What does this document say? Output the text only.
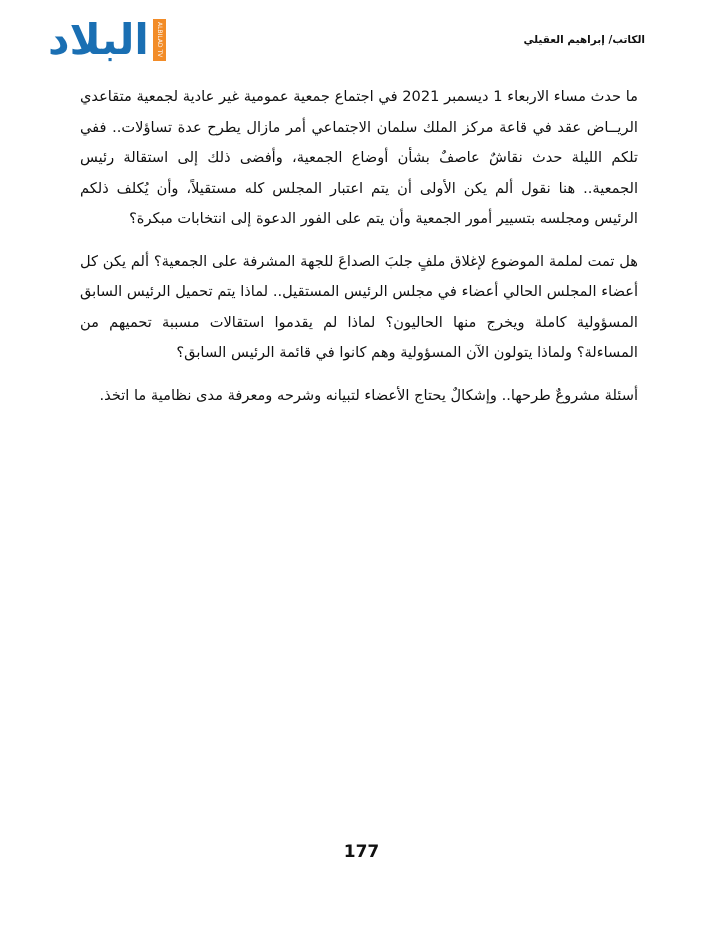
البلاد	ALBILAD TV	الكاتب/ إبراهيم العقيلي

ما حدث مساء الاربعاء 1 ديسمبر 2021 في اجتماع جمعية عمومية غير عادية لجمعية متقاعدي الريــاض عقد في قاعة مركز الملك سلمان الاجتماعي أمر مازال يطرح عدة تساؤلات.. ففي تلكم الليلة حدث نقاشٌ عاصفٌ بشأن أوضاع الجمعية، وأفضى ذلك إلى استقالة رئيس الجمعية.. هنا نقول ألم يكن الأولى أن يتم اعتبار المجلس كله مستقيلاً، وأن يُكلف ذلكم الرئيس ومجلسه بتسيير أمور الجمعية وأن يتم على الفور الدعوة إلى انتخابات مبكرة؟

هل تمت لملمة الموضوع لإغلاق ملفٍ جلبَ الصداعَ للجهة المشرفة على الجمعية؟ ألم يكن كل أعضاء المجلس الحالي أعضاء في مجلس الرئيس المستقيل.. لماذا يتم تحميل الرئيس السابق المسؤولية كاملة ويخرج منها الحاليون؟ لماذا لم يقدموا استقالات مسببة تحميهم من المساءلة؟ ولماذا يتولون الآن المسؤولية وهم كانوا في قائمة الرئيس السابق؟

أسئلة مشروعٌ طرحها.. وإشكالٌ يحتاج الأعضاء لتبيانه وشرحه ومعرفة مدى نظامية ما اتخذ.

177
